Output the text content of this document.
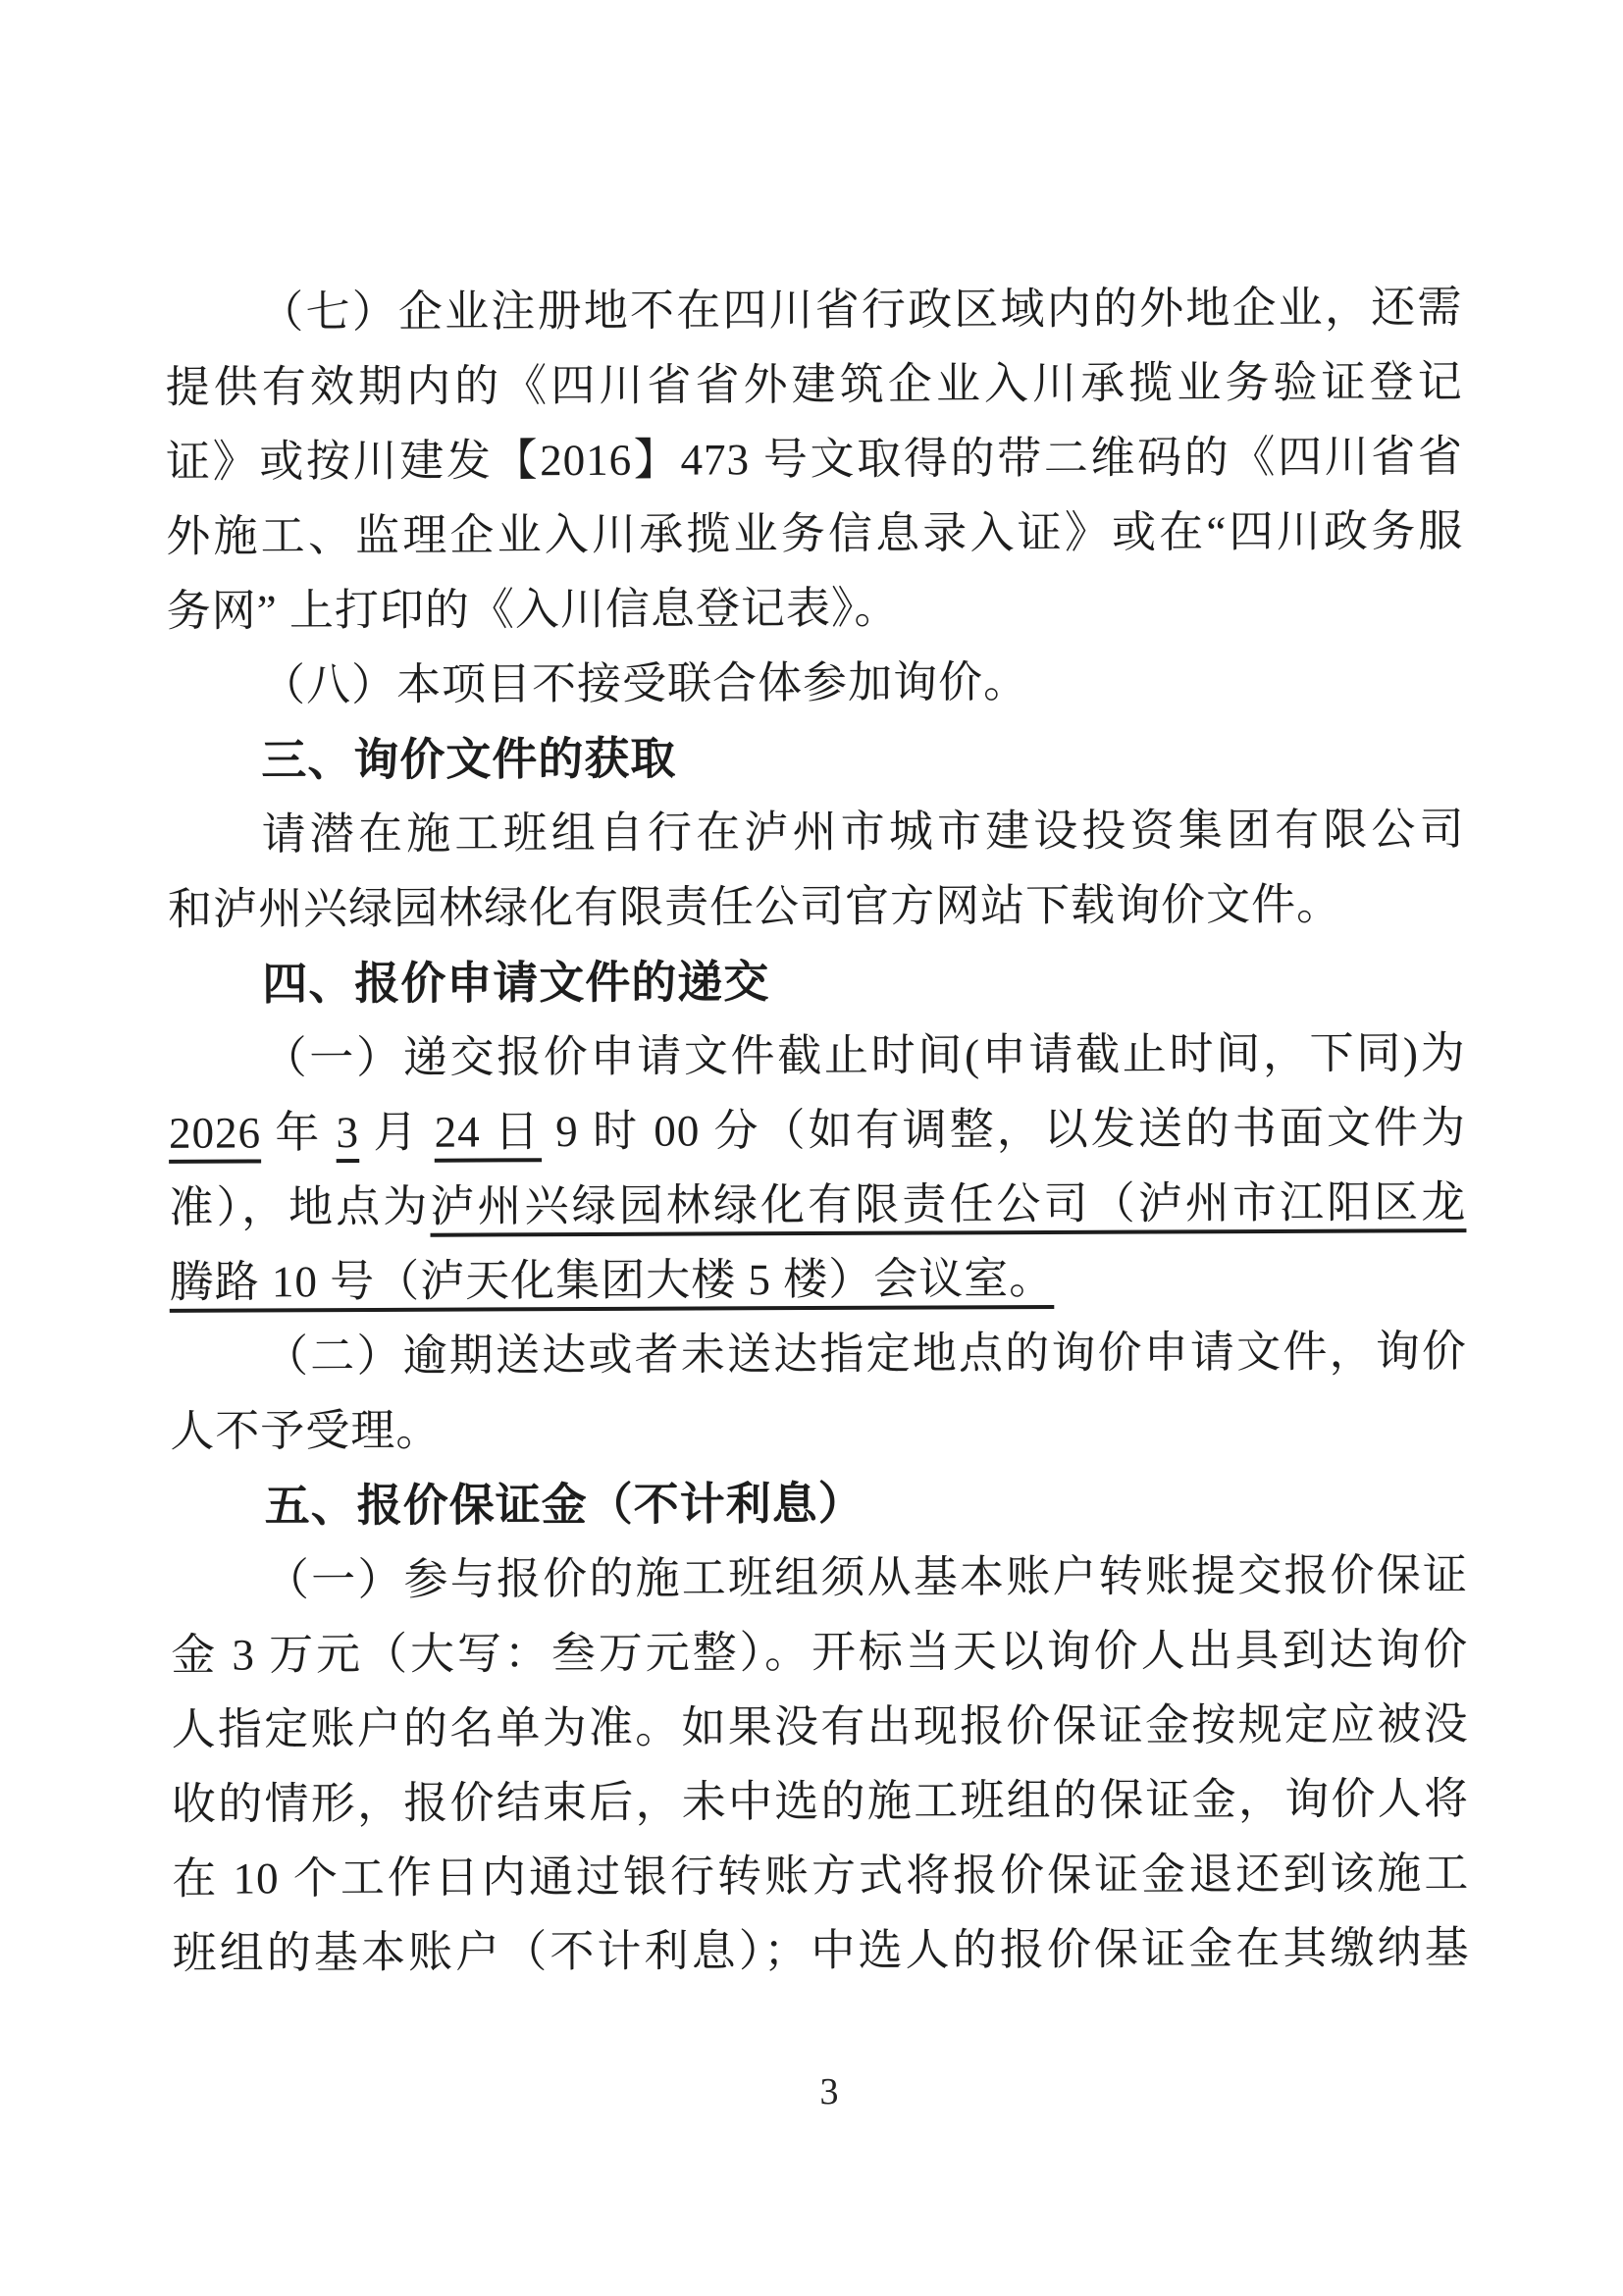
（七）企业注册地不在四川省行政区域内的外地企业，还需
提供有效期内的《四川省省外建筑企业入川承揽业务验证登记
证》或按川建发【2016】473 号文取得的带二维码的《四川省省
外施工、监理企业入川承揽业务信息录入证》或在“四川政务服
务网” 上打印的《入川信息登记表》。
（八）本项目不接受联合体参加询价。
三、询价文件的获取
请潜在施工班组自行在泸州市城市建设投资集团有限公司
和泸州兴绿园林绿化有限责任公司官方网站下载询价文件。
四、报价申请文件的递交
（一）递交报价申请文件截止时间(申请截止时间，下同)为
2026 年 3 月 24 日 9 时 00 分（如有调整，以发送的书面文件为
准），地点为泸州兴绿园林绿化有限责任公司（泸州市江阳区龙
腾路 10 号（泸天化集团大楼 5 楼）会议室。
（二）逾期送达或者未送达指定地点的询价申请文件，询价
人不予受理。
五、报价保证金（不计利息）
（一）参与报价的施工班组须从基本账户转账提交报价保证
金 3 万元（大写：叁万元整）。开标当天以询价人出具到达询价
人指定账户的名单为准。如果没有出现报价保证金按规定应被没
收的情形，报价结束后，未中选的施工班组的保证金，询价人将
在 10 个工作日内通过银行转账方式将报价保证金退还到该施工
班组的基本账户（不计利息）；中选人的报价保证金在其缴纳基
3
